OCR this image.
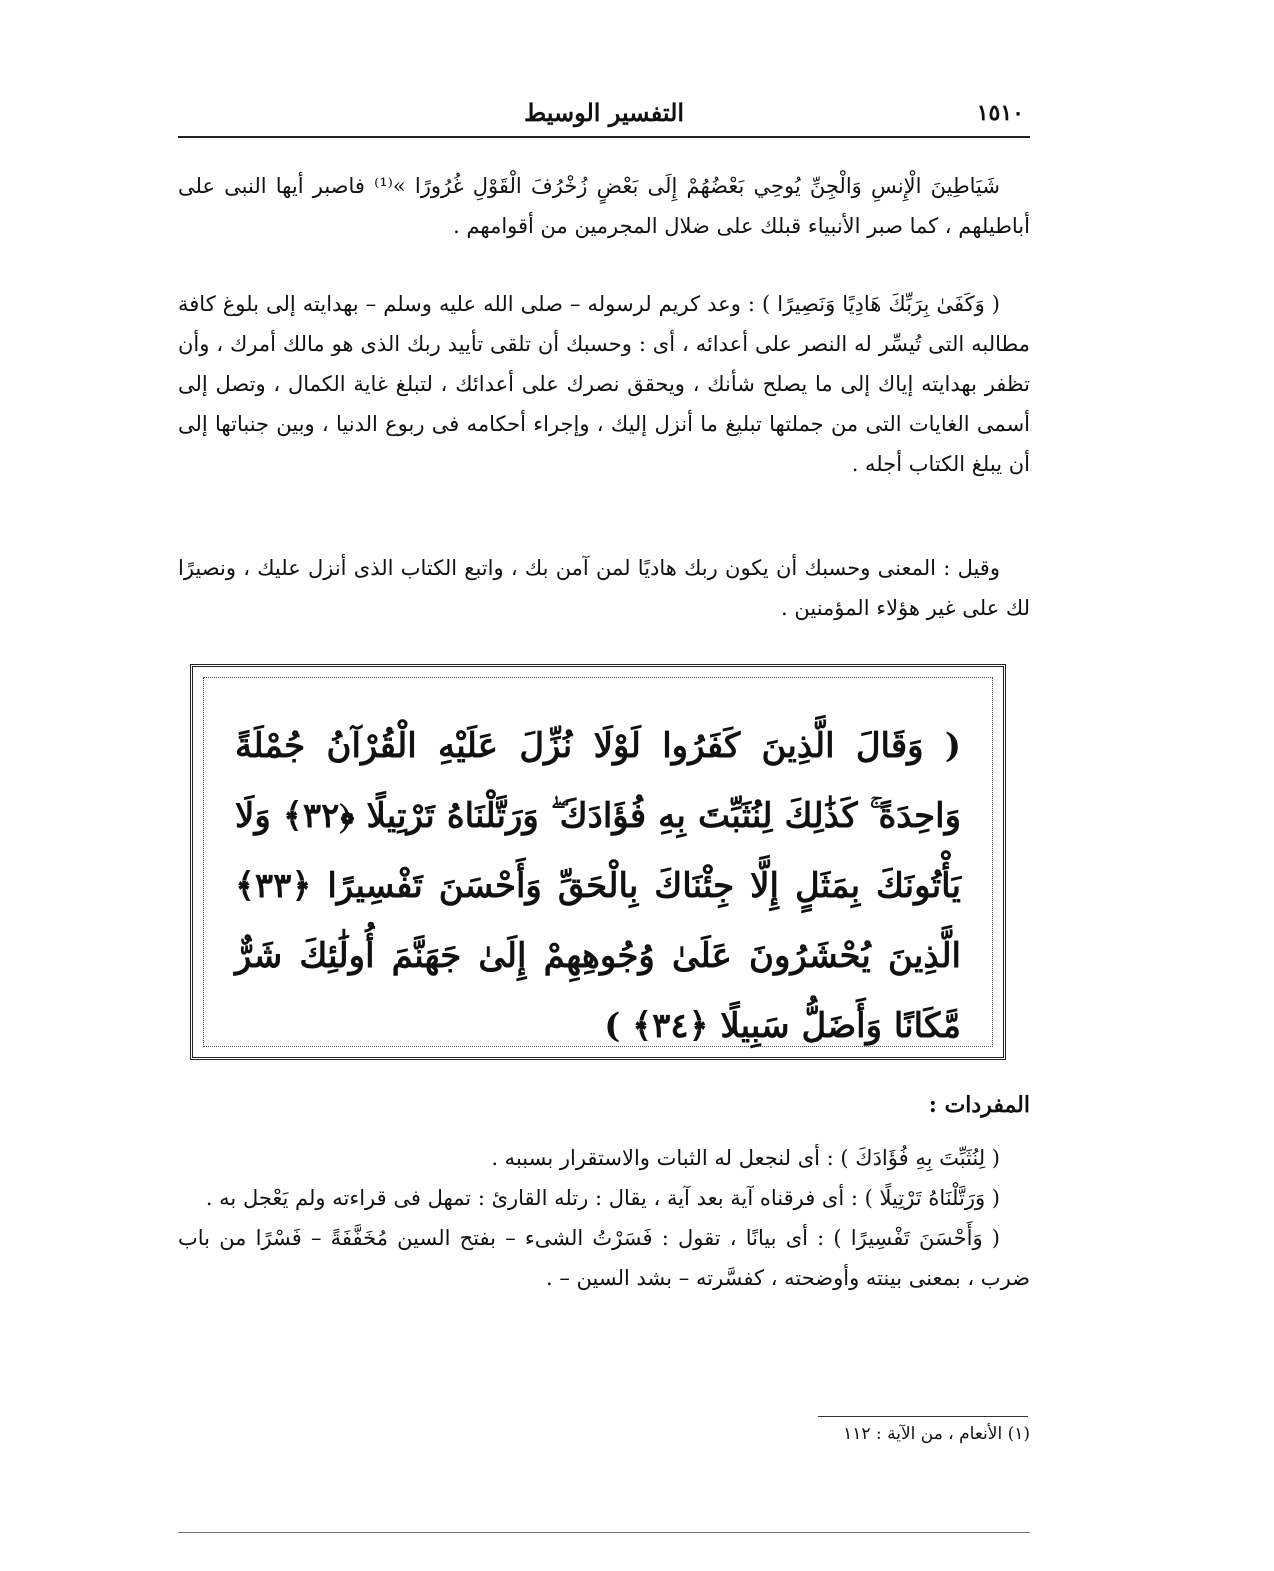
التفسير الوسيط	١٥١٠

شَيَاطِينَ الْإِنسِ وَالْجِنِّ يُوحِي بَعْضُهُمْ إِلَى بَعْضٍ زُخْرُفَ الْقَوْلِ غُرُورًا »⁽¹⁾ فاصبر أيها النبى على أباطيلهم ، كما صبر الأنبياء قبلك على ضلال المجرمين من أقوامهم .

( وَكَفَىٰ بِرَبِّكَ هَادِيًا وَنَصِيرًا ) : وعد كريم لرسوله – صلى الله عليه وسلم – بهدايته إلى بلوغ كافة مطالبه التى تُيسِّر له النصر على أعدائه ، أى : وحسبك أن تلقى تأييد ربك الذى هو مالك أمرك ، وأن تظفر بهدايته إياك إلى ما يصلح شأنك ، ويحقق نصرك على أعدائك ، لتبلغ غاية الكمال ، وتصل إلى أسمى الغايات التى من جملتها تبليغ ما أنزل إليك ، وإجراء أحكامه فى ربوع الدنيا ، وبين جنباتها إلى أن يبلغ الكتاب أجله .

وقيل : المعنى وحسبك أن يكون ربك هاديًا لمن آمن بك ، واتبع الكتاب الذى أنزل عليك ، ونصيرًا لك على غير هؤلاء المؤمنين .

( وَقَالَ الَّذِينَ كَفَرُوا لَوْلَا نُزِّلَ عَلَيْهِ الْقُرْآنُ جُمْلَةً وَاحِدَةً ۚ كَذَٰلِكَ لِنُثَبِّتَ بِهِ فُؤَادَكَ ۖ وَرَتَّلْنَاهُ تَرْتِيلًا ﴿٣٢﴾ وَلَا يَأْتُونَكَ بِمَثَلٍ إِلَّا جِئْنَاكَ بِالْحَقِّ وَأَحْسَنَ تَفْسِيرًا ﴿٣٣﴾ الَّذِينَ يُحْشَرُونَ عَلَىٰ وُجُوهِهِمْ إِلَىٰ جَهَنَّمَ أُولَٰئِكَ شَرٌّ مَّكَانًا وَأَضَلُّ سَبِيلًا ﴿٣٤﴾ )
المفردات :

( لِنُثَبِّتَ بِهِ فُؤَادَكَ ) : أى لنجعل له الثبات والاستقرار بسببه .

( وَرَتَّلْنَاهُ تَرْتِيلًا ) : أى فرقناه آية بعد آية ، يقال : رتله القارئ : تمهل فى قراءته ولم يَعْجل به .

( وَأَحْسَنَ تَفْسِيرًا ) : أى بيانًا ، تقول : فَسَرْتُ الشىء – بفتح السين مُخَفَّفَةً – فَسْرًا من باب ضرب ، بمعنى بينته وأوضحته ، كفسَّرته – بشد السين – .

(١) الأنعام ، من الآية : ١١٢
